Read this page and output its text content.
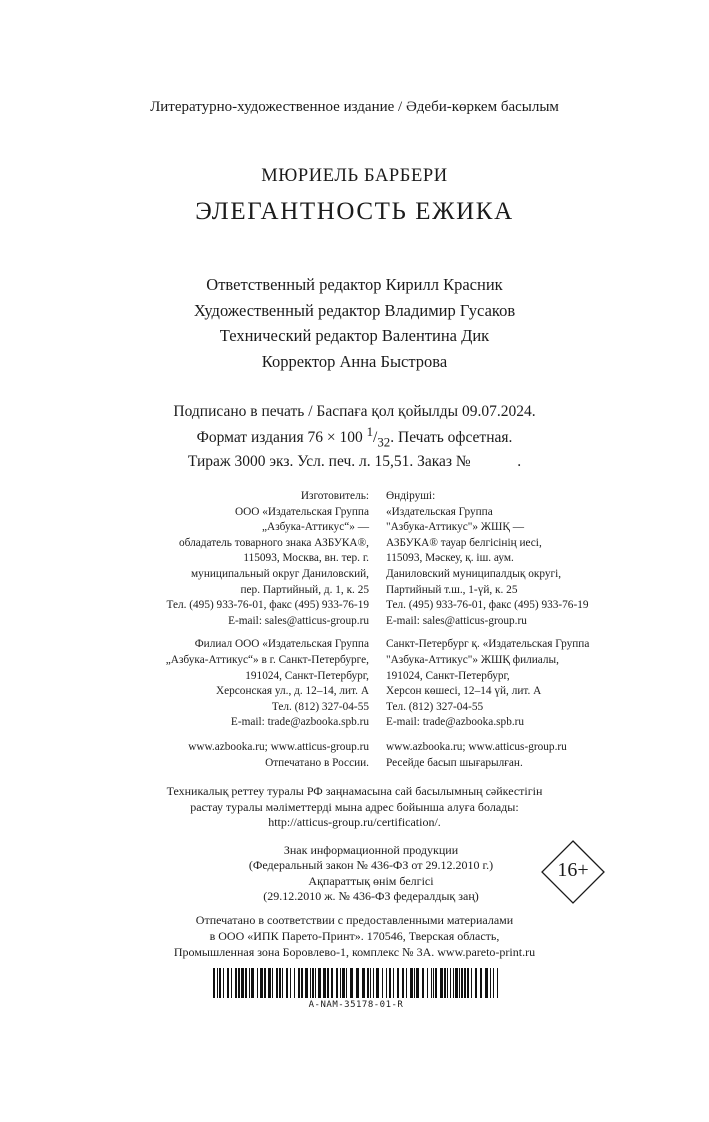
Литературно-художественное издание / Әдеби-көркем басылым
МЮРИЕЛЬ БАРБЕРИ
ЭЛЕГАНТНОСТЬ ЕЖИКА
Ответственный редактор Кирилл Красник
Художественный редактор Владимир Гусаков
Технический редактор Валентина Дик
Корректор Анна Быстрова
Подписано в печать / Баспаға қол қойылды 09.07.2024.
Формат издания 76 × 100 $^1/_{32}$. Печать офсетная.
Тираж 3000 экз. Усл. печ. л. 15,51. Заказ №            .
Изготовитель:
ООО «Издательская Группа
„Азбука-Аттикус“» —
обладатель товарного знака АЗБУКА®,
115093, Москва, вн. тер. г.
муниципальный округ Даниловский,
пер. Партийный, д. 1, к. 25
Тел. (495) 933-76-01, факс (495) 933-76-19
E-mail: sales@atticus-group.ru
Филиал ООО «Издательская Группа
„Азбука-Аттикус“» в г. Санкт-Петербурге,
191024, Санкт-Петербург,
Херсонская ул., д. 12–14, лит. А
Тел. (812) 327-04-55
E-mail: trade@azbooka.spb.ru
www.azbooka.ru; www.atticus-group.ru
Отпечатано в России.
Өндіруші:
«Издательская Группа
"Азбука-Аттикус"» ЖШҚ —
АЗБУКА® тауар белгісінің иесі,
115093, Мәскеу, қ. іш. аум.
Даниловский муниципалдық округі,
Партийный т.ш., 1-үй, к. 25
Тел. (495) 933-76-01, факс (495) 933-76-19
E-mail: sales@atticus-group.ru
Санкт-Петербург қ. «Издательская Группа
"Азбука-Аттикус"» ЖШҚ филиалы,
191024, Санкт-Петербург,
Херсон көшесі, 12–14 үй, лит. А
Тел. (812) 327-04-55
E-mail: trade@azbooka.spb.ru
www.azbooka.ru; www.atticus-group.ru
Ресейде басып шығарылған.
Техникалық реттеу туралы РФ заңнамасына сай басылымның сәйкестігін
растау туралы мәліметтерді мына адрес бойынша алуға болады:
http://atticus-group.ru/certification/.
Знак информационной продукции
(Федеральный закон № 436-ФЗ от 29.12.2010 г.)
Ақпараттық өнім белгісі
(29.12.2010 ж. № 436-ФЗ федералдық заң)
16+
Отпечатано в соответствии с предоставленными материалами
в ООО «ИПК Парето-Принт». 170546, Тверская область,
Промышленная зона Боровлево-1, комплекс № 3А. www.pareto-print.ru
A-NAM-35178-01-R
